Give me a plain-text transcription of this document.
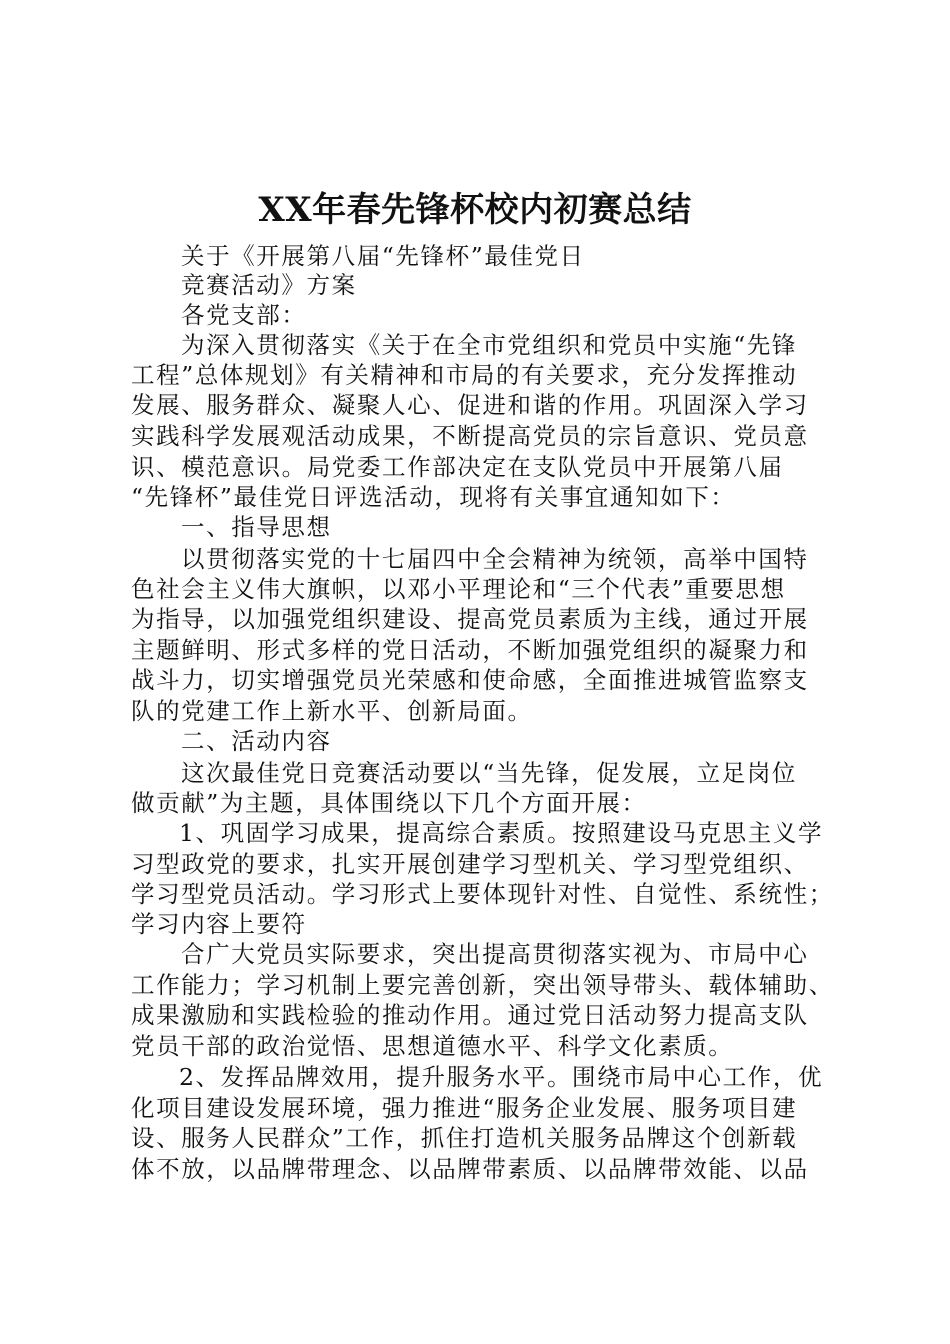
XX年春先锋杯校内初赛总结
关于《开展第八届“先锋杯”最佳党日
竞赛活动》方案
各党支部：
为深入贯彻落实《关于在全市党组织和党员中实施“先锋
工程”总体规划》有关精神和市局的有关要求，充分发挥推动
发展、服务群众、凝聚人心、促进和谐的作用。巩固深入学习
实践科学发展观活动成果，不断提高党员的宗旨意识、党员意
识、模范意识。局党委工作部决定在支队党员中开展第八届
“先锋杯”最佳党日评选活动，现将有关事宜通知如下：
一、指导思想
以贯彻落实党的十七届四中全会精神为统领，高举中国特
色社会主义伟大旗帜，以邓小平理论和“三个代表”重要思想
为指导，以加强党组织建设、提高党员素质为主线，通过开展
主题鲜明、形式多样的党日活动，不断加强党组织的凝聚力和
战斗力，切实增强党员光荣感和使命感，全面推进城管监察支
队的党建工作上新水平、创新局面。
二、活动内容
这次最佳党日竞赛活动要以“当先锋，促发展，立足岗位
做贡献”为主题，具体围绕以下几个方面开展：
1、巩固学习成果，提高综合素质。按照建设马克思主义学
习型政党的要求，扎实开展创建学习型机关、学习型党组织、
学习型党员活动。学习形式上要体现针对性、自觉性、系统性；
学习内容上要符
合广大党员实际要求，突出提高贯彻落实视为、市局中心
工作能力；学习机制上要完善创新，突出领导带头、载体辅助、
成果激励和实践检验的推动作用。通过党日活动努力提高支队
党员干部的政治觉悟、思想道德水平、科学文化素质。
2、发挥品牌效用，提升服务水平。围绕市局中心工作，优
化项目建设发展环境，强力推进“服务企业发展、服务项目建
设、服务人民群众”工作，抓住打造机关服务品牌这个创新载
体不放，以品牌带理念、以品牌带素质、以品牌带效能、以品
